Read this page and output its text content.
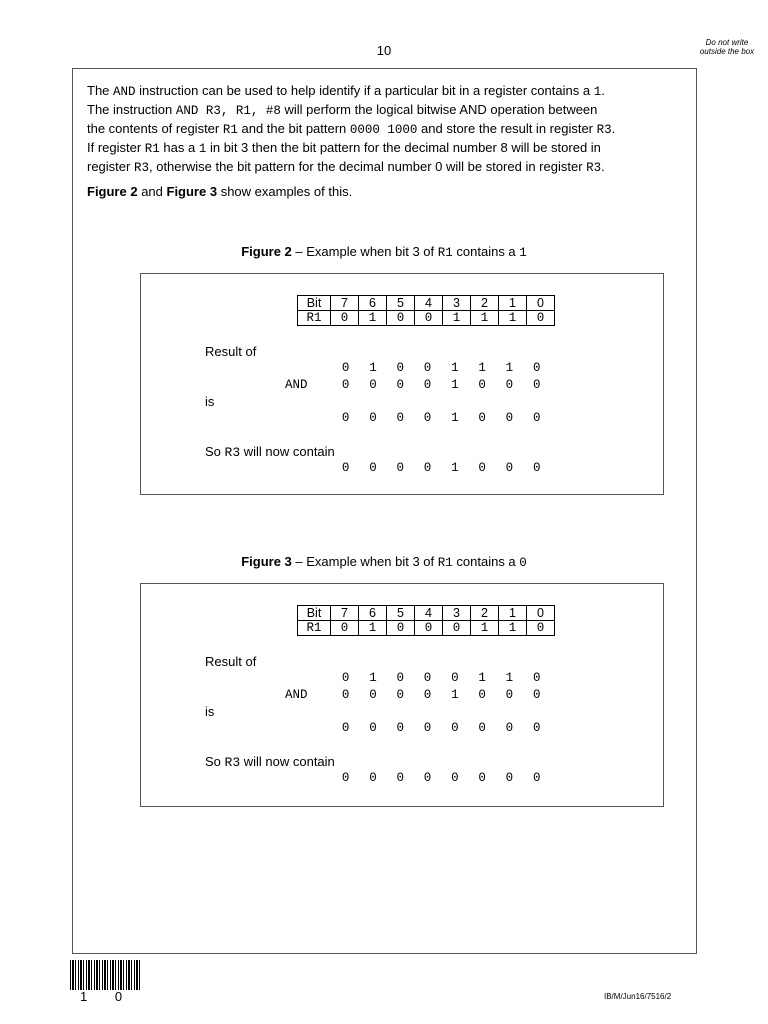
10
Do not write outside the box
The AND instruction can be used to help identify if a particular bit in a register contains a 1.
The instruction AND R3, R1, #8 will perform the logical bitwise AND operation between
the contents of register R1 and the bit pattern 0000 1000 and store the result in register R3.
If register R1 has a 1 in bit 3 then the bit pattern for the decimal number 8 will be stored in
register R3, otherwise the bit pattern for the decimal number 0 will be stored in register R3.
Figure 2 and Figure 3 show examples of this.
Figure 2 – Example when bit 3 of R1 contains a 1
Bit	7	6	5	4	3	2	1	0
R1	0	1	0	0	1	1	1	0
Result of
0 1 0 0 1 1 1 0
AND	0 0 0 0 1 0 0 0
is
0 0 0 0 1 0 0 0
So R3 will now contain
0 0 0 0 1 0 0 0
Figure 3 – Example when bit 3 of R1 contains a 0
Bit	7	6	5	4	3	2	1	0
R1	0	1	0	0	0	1	1	0
Result of
0 1 0 0 0 1 1 0
AND	0 0 0 0 1 0 0 0
is
0 0 0 0 0 0 0 0
So R3 will now contain
0 0 0 0 0 0 0 0
1 0	IB/M/Jun16/7516/2
